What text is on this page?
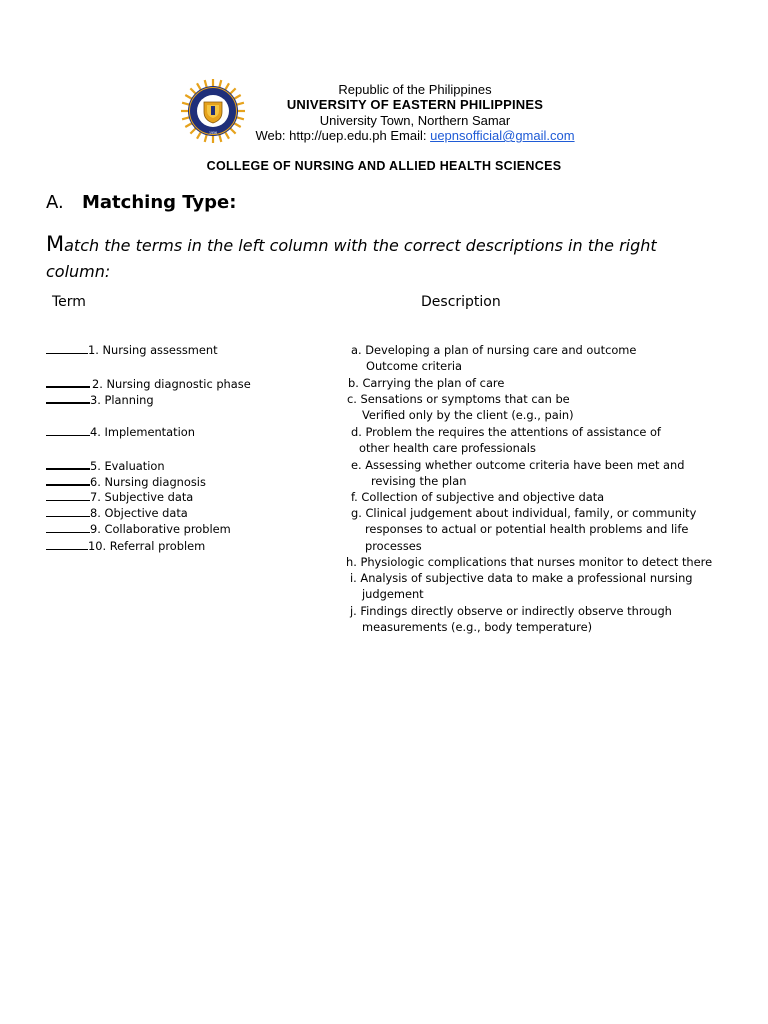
1956
Republic of the Philippines
UNIVERSITY OF EASTERN PHILIPPINES
University Town, Northern Samar
Web: http://uep.edu.ph Email: uepnsofficial@gmail.com
COLLEGE OF NURSING AND ALLIED HEALTH SCIENCES
A. Matching Type:
Match the terms in the left column with the correct descriptions in the right
column:
Term	Description
1. Nursing assessment
2. Nursing diagnostic phase
3. Planning
4. Implementation
5. Evaluation
6. Nursing diagnosis
7. Subjective data
8. Objective data
9. Collaborative problem
10. Referral problem
a. Developing a plan of nursing care and outcome
Outcome criteria
b. Carrying the plan of care
c. Sensations or symptoms that can be
Verified only by the client (e.g., pain)
d. Problem the requires the attentions of assistance of
other health care professionals
e. Assessing whether outcome criteria have been met and
revising the plan
f. Collection of subjective and objective data
g. Clinical judgement about individual, family, or community
responses to actual or potential health problems and life
processes
h. Physiologic complications that nurses monitor to detect there
i. Analysis of subjective data to make a professional nursing
judgement
j. Findings directly observe or indirectly observe through
measurements (e.g., body temperature)
